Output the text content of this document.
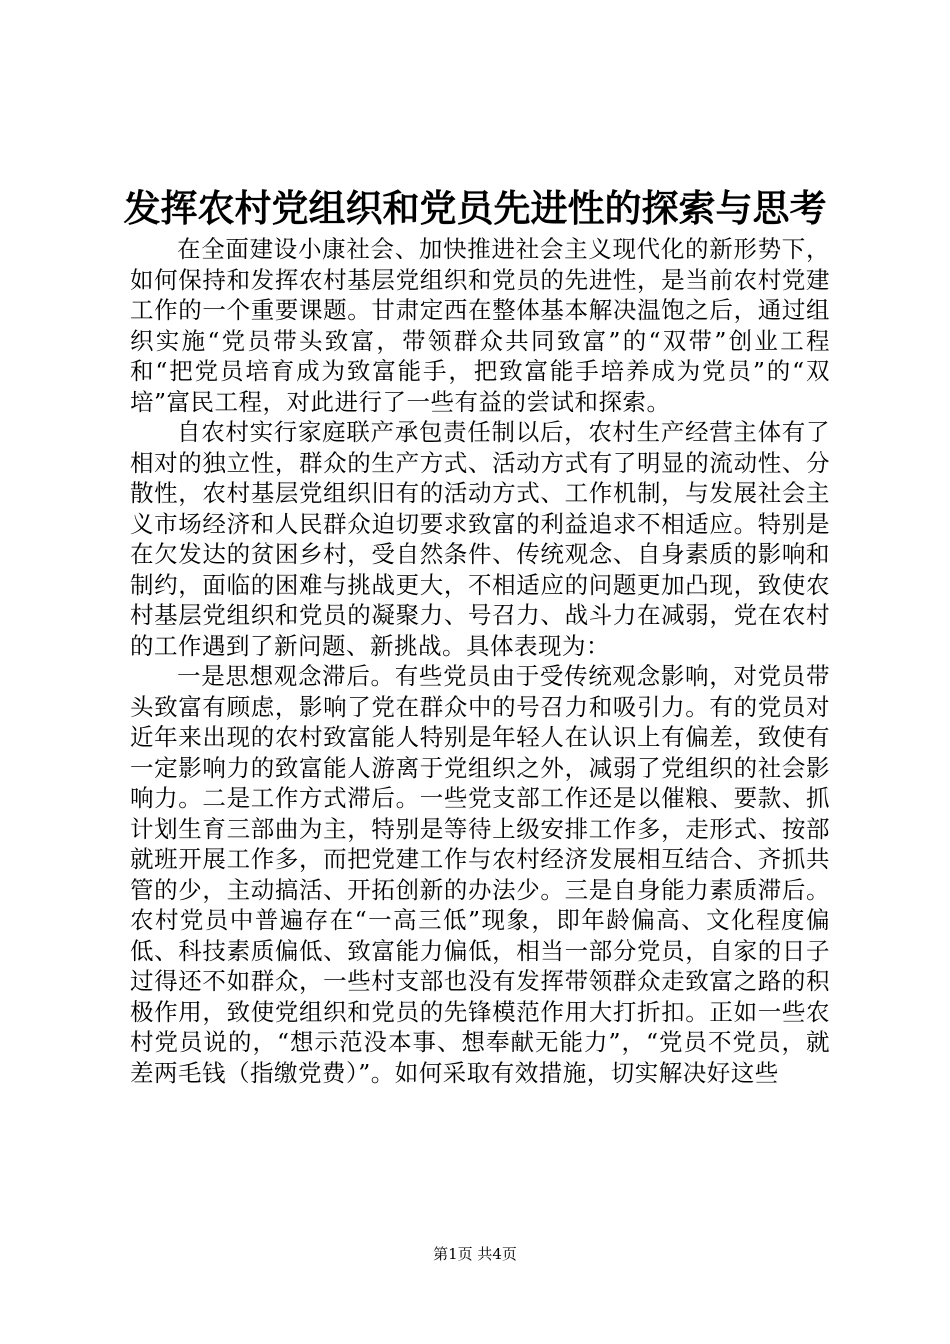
发挥农村党组织和党员先进性的探索与思考

在全面建设小康社会、加快推进社会主义现代化的新形势下，如何保持和发挥农村基层党组织和党员的先进性，是当前农村党建工作的一个重要课题。甘肃定西在整体基本解决温饱之后，通过组织实施“党员带头致富，带领群众共同致富”的“双带”创业工程和“把党员培育成为致富能手，把致富能手培养成为党员”的“双培”富民工程，对此进行了一些有益的尝试和探索。

自农村实行家庭联产承包责任制以后，农村生产经营主体有了相对的独立性，群众的生产方式、活动方式有了明显的流动性、分散性，农村基层党组织旧有的活动方式、工作机制，与发展社会主义市场经济和人民群众迫切要求致富的利益追求不相适应。特别是在欠发达的贫困乡村，受自然条件、传统观念、自身素质的影响和制约，面临的困难与挑战更大，不相适应的问题更加凸现，致使农村基层党组织和党员的凝聚力、号召力、战斗力在减弱，党在农村的工作遇到了新问题、新挑战。具体表现为：

一是思想观念滞后。有些党员由于受传统观念影响，对党员带头致富有顾虑，影响了党在群众中的号召力和吸引力。有的党员对近年来出现的农村致富能人特别是年轻人在认识上有偏差，致使有一定影响力的致富能人游离于党组织之外，减弱了党组织的社会影响力。二是工作方式滞后。一些党支部工作还是以催粮、要款、抓计划生育三部曲为主，特别是等待上级安排工作多，走形式、按部就班开展工作多，而把党建工作与农村经济发展相互结合、齐抓共管的少，主动搞活、开拓创新的办法少。三是自身能力素质滞后。农村党员中普遍存在“一高三低”现象，即年龄偏高、文化程度偏低、科技素质偏低、致富能力偏低，相当一部分党员，自家的日子过得还不如群众，一些村支部也没有发挥带领群众走致富之路的积极作用，致使党组织和党员的先锋模范作用大打折扣。正如一些农村党员说的，“想示范没本事、想奉献无能力”，“党员不党员，就差两毛钱（指缴党费）”。如何采取有效措施，切实解决好这些

第1页 共4页
